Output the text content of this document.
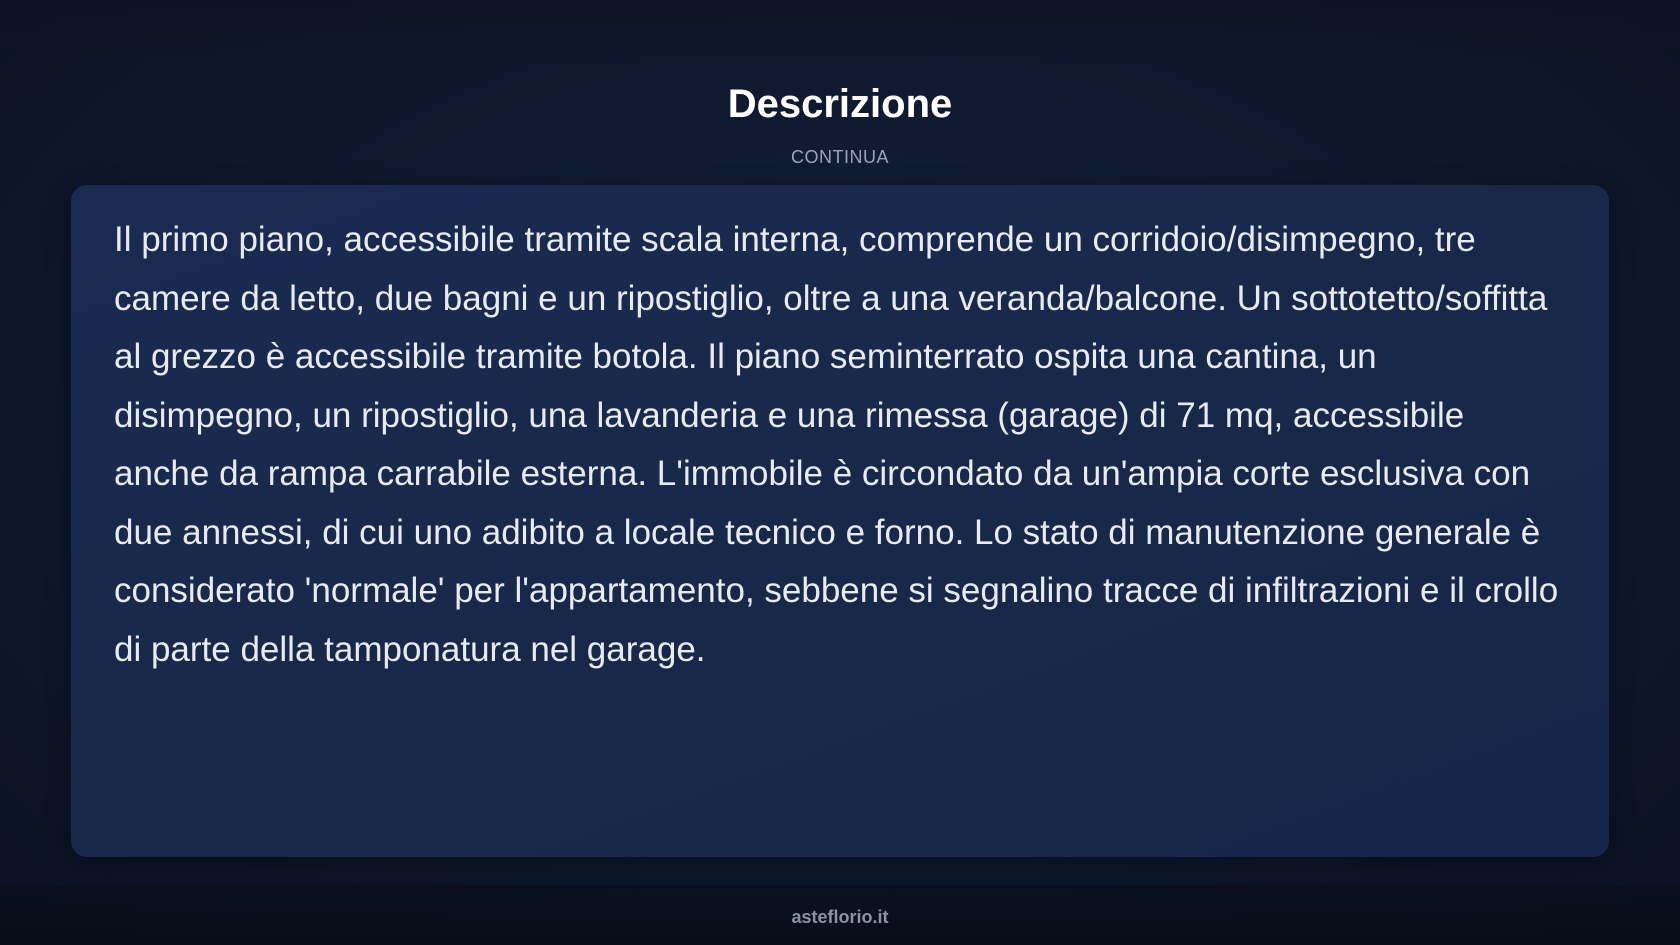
Descrizione
CONTINUA

Il primo piano, accessibile tramite scala interna, comprende un corridoio/disimpegno, tre camere da letto, due bagni e un ripostiglio, oltre a una veranda/balcone. Un sottotetto/soffitta al grezzo è accessibile tramite botola. Il piano seminterrato ospita una cantina, un disimpegno, un ripostiglio, una lavanderia e una rimessa (garage) di 71 mq, accessibile anche da rampa carrabile esterna. L'immobile è circondato da un'ampia corte esclusiva con due annessi, di cui uno adibito a locale tecnico e forno. Lo stato di manutenzione generale è considerato 'normale' per l'appartamento, sebbene si segnalino tracce di infiltrazioni e il crollo di parte della tamponatura nel garage.

asteflorio.it
